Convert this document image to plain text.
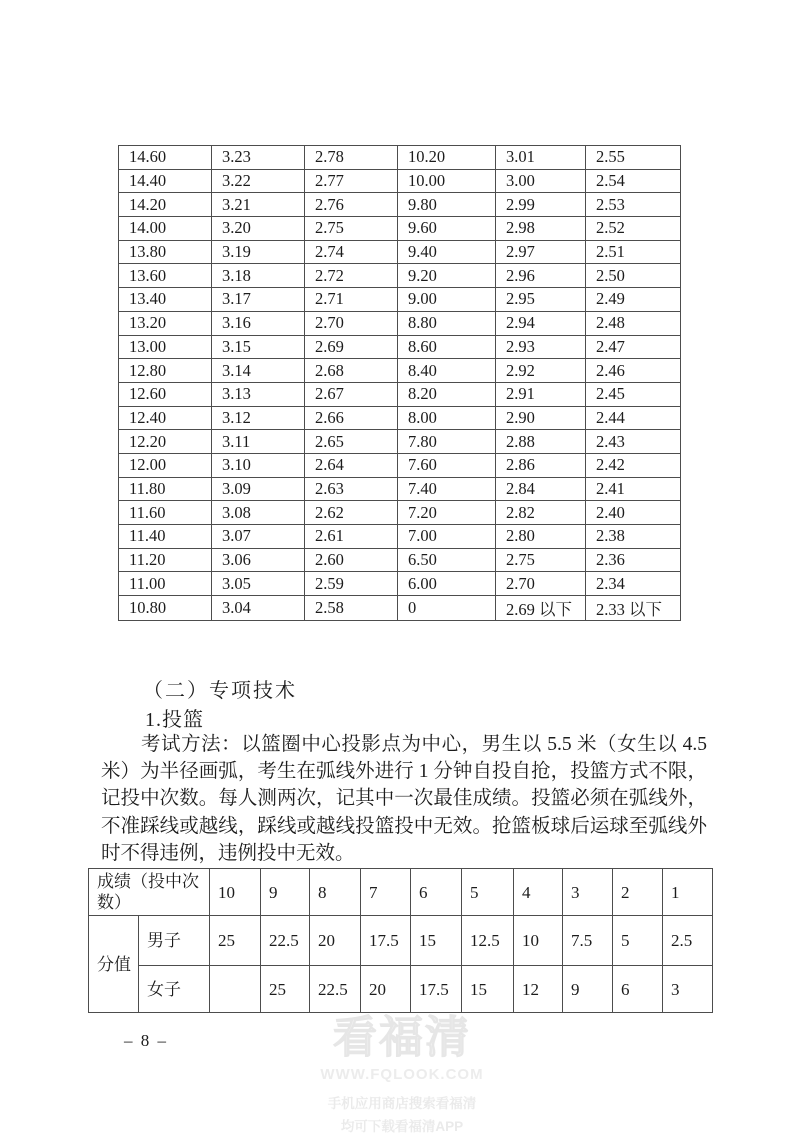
14.60	3.23	2.78	10.20	3.01	2.55
14.40	3.22	2.77	10.00	3.00	2.54
14.20	3.21	2.76	9.80	2.99	2.53
14.00	3.20	2.75	9.60	2.98	2.52
13.80	3.19	2.74	9.40	2.97	2.51
13.60	3.18	2.72	9.20	2.96	2.50
13.40	3.17	2.71	9.00	2.95	2.49
13.20	3.16	2.70	8.80	2.94	2.48
13.00	3.15	2.69	8.60	2.93	2.47
12.80	3.14	2.68	8.40	2.92	2.46
12.60	3.13	2.67	8.20	2.91	2.45
12.40	3.12	2.66	8.00	2.90	2.44
12.20	3.11	2.65	7.80	2.88	2.43
12.00	3.10	2.64	7.60	2.86	2.42
11.80	3.09	2.63	7.40	2.84	2.41
11.60	3.08	2.62	7.20	2.82	2.40
11.40	3.07	2.61	7.00	2.80	2.38
11.20	3.06	2.60	6.50	2.75	2.36
11.00	3.05	2.59	6.00	2.70	2.34
10.80	3.04	2.58	0	2.69 以下	2.33 以下
（二）专项技术
1.投篮
考试方法：以篮圈中心投影点为中心，男生以 5.5 米（女生以 4.5 米）为半径画弧，考生在弧线外进行 1 分钟自投自抢，投篮方式不限，记投中次数。每人测两次，记其中一次最佳成绩。投篮必须在弧线外，不准踩线或越线，踩线或越线投篮投中无效。抢篮板球后运球至弧线外时不得违例，违例投中无效。
成绩（投中次数）		10	9	8	7	6	5	4	3	2	1
分值	男子	25	22.5	20	17.5	15	12.5	10	7.5	5	2.5
	女子		25	22.5	20	17.5	15	12	9	6	3
– 8 –	看福清
WWW.FQLOOK.COM
手机应用商店搜索看福清
均可下载看福清APP
